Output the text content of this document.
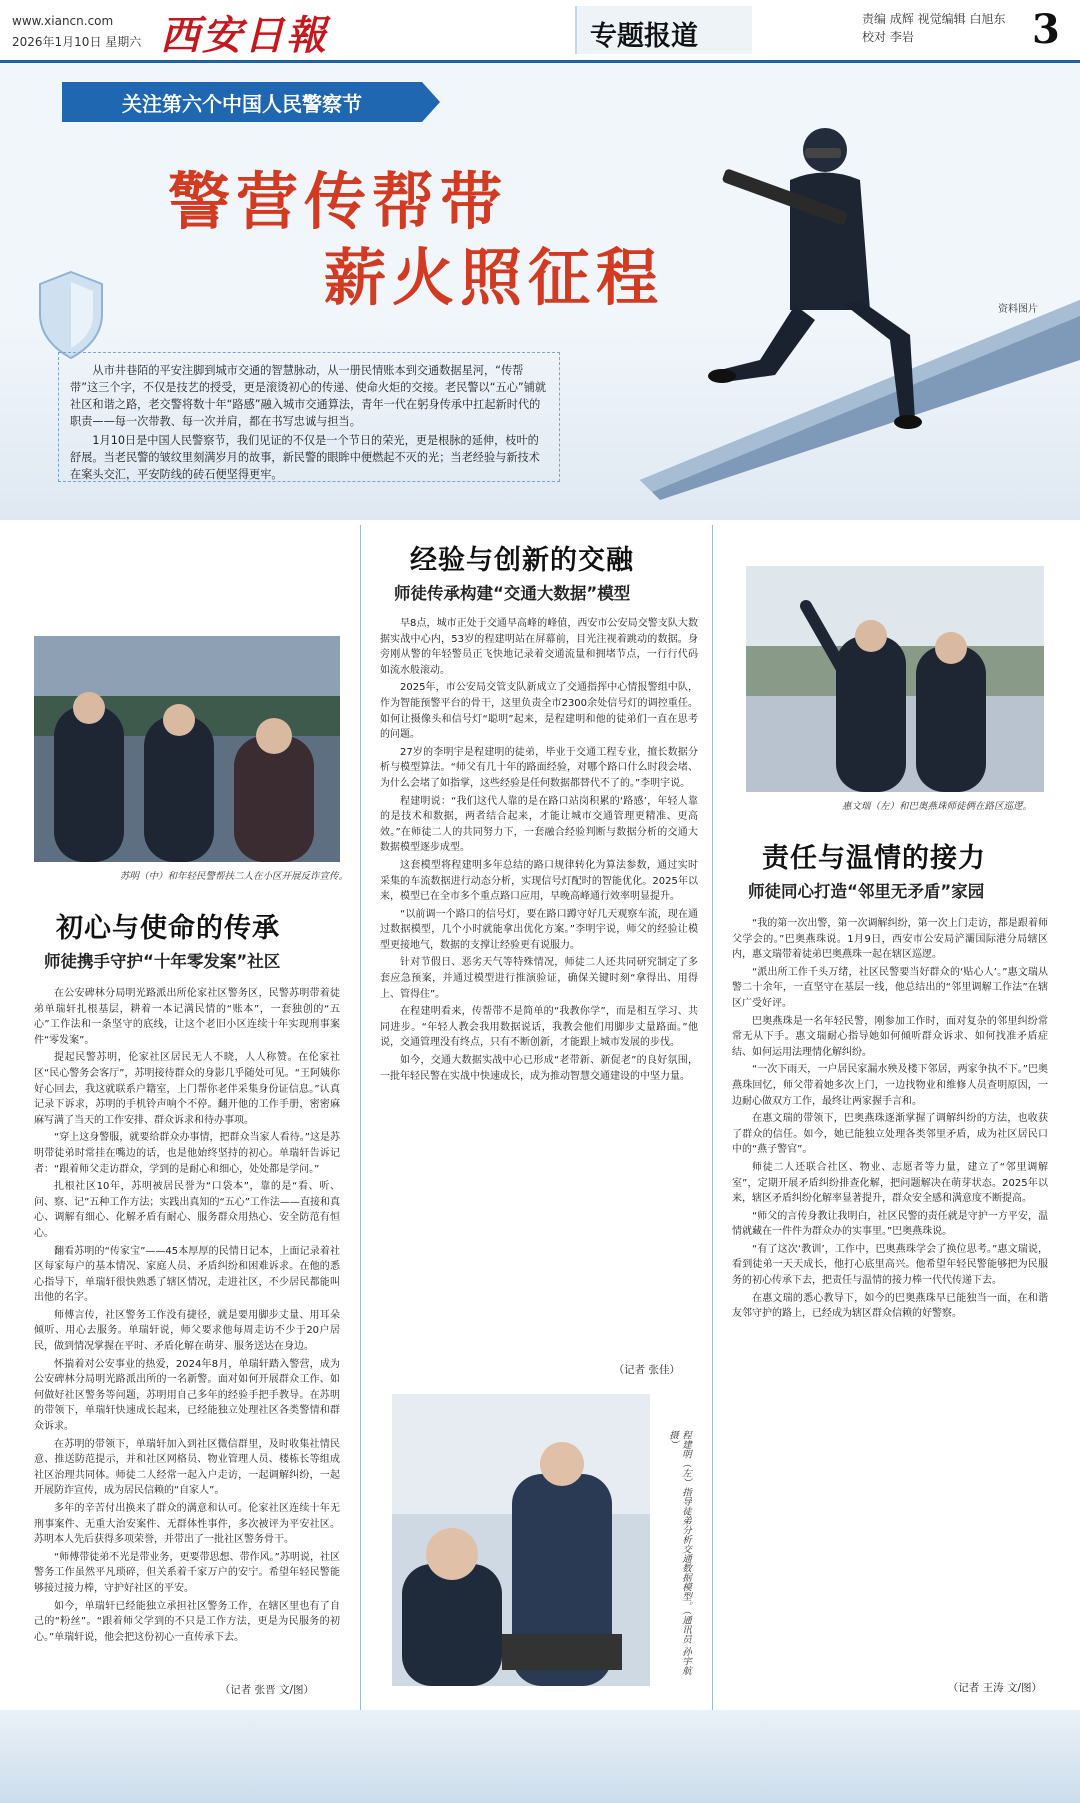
www.xiancn.com
2026年1月10日 星期六 西安日報	专题报道
责编 成辉 视觉编辑 白旭东
校对 李岩	3
关注第六个中国人民警察节
警营传帮带
薪火照征程

从市井巷陌的平安注脚到城市交通的智慧脉动，从一册民情账本到交通数据星河，“传帮带”这三个字，不仅是技艺的授受，更是滚烫初心的传递、使命火炬的交接。老民警以“五心”铺就社区和谐之路，老交警将数十年“路感”融入城市交通算法，青年一代在躬身传承中扛起新时代的职责——每一次带教、每一次并肩，都在书写忠诚与担当。

1月10日是中国人民警察节，我们见证的不仅是一个节日的荣光，更是根脉的延伸，枝叶的舒展。当老民警的皱纹里刻满岁月的故事，新民警的眼眸中便燃起不灭的光；当老经验与新技术在案头交汇，平安防线的砖石便坚得更牢。

资料图片
苏明（中）和年轻民警帮扶二人在小区开展反诈宣传。
初心与使命的传承
师徒携手守护“十年零发案”社区

在公安碑林分局明光路派出所伦家社区警务区，民警苏明带着徒弟单瑞轩扎根基层，耕着一本记满民情的“账本”，一套独创的“五心”工作法和一条坚守的底线，让这个老旧小区连续十年实现刑事案件“零发案”。

提起民警苏明，伦家社区居民无人不晓，人人称赞。在伦家社区“民心警务会客厅”，苏明接待群众的身影几乎随处可见。“王阿姨你好心回去，我这就联系户籍室，上门帮你老伴采集身份证信息。”认真记录下诉求，苏明的手机铃声响个不停。翻开他的工作手册，密密麻麻写满了当天的工作安排、群众诉求和待办事项。

“穿上这身警服，就要给群众办事情，把群众当家人看待。”这是苏明带徒弟时常挂在嘴边的话，也是他始终坚持的初心。单瑞轩告诉记者：“跟着师父走访群众，学到的是耐心和细心，处处都是学问。”

扎根社区10年，苏明被居民誉为“口袋本”，靠的是“看、听、问、察、记”五种工作方法；实践出真知的“五心”工作法——直接和真心、调解有细心、化解矛盾有耐心、服务群众用热心、安全防范有恒心。

翻看苏明的“传家宝”——45本厚厚的民情日记本，上面记录着社区每家每户的基本情况、家庭人员、矛盾纠纷和困难诉求。在他的悉心指导下，单瑞轩很快熟悉了辖区情况，走进社区，不少居民都能叫出他的名字。

师傅言传，社区警务工作没有捷径，就是要用脚步丈量、用耳朵倾听、用心去服务。单瑞轩说，师父要求他每周走访不少于20户居民，做到情况掌握在平时、矛盾化解在萌芽、服务送达在身边。

怀揣着对公安事业的热爱，2024年8月，单瑞轩踏入警营，成为公安碑林分局明光路派出所的一名新警。面对如何开展群众工作、如何做好社区警务等问题，苏明用自己多年的经验手把手教导。在苏明的带领下，单瑞轩快速成长起来，已经能独立处理社区各类警情和群众诉求。

在苏明的带领下，单瑞轩加入到社区微信群里，及时收集社情民意、推送防范提示，并和社区网格员、物业管理人员、楼栋长等组成社区治理共同体。师徒二人经常一起入户走访，一起调解纠纷，一起开展防诈宣传，成为居民信赖的“自家人”。

多年的辛苦付出换来了群众的满意和认可。伦家社区连续十年无刑事案件、无重大治安案件、无群体性事件，多次被评为平安社区。苏明本人先后获得多项荣誉，并带出了一批社区警务骨干。

“师傅带徒弟不光是带业务，更要带思想、带作风。”苏明说，社区警务工作虽然平凡琐碎，但关系着千家万户的安宁。希望年轻民警能够接过接力棒，守护好社区的平安。

如今，单瑞轩已经能独立承担社区警务工作，在辖区里也有了自己的“粉丝”。“跟着师父学到的不只是工作方法，更是为民服务的初心。”单瑞轩说，他会把这份初心一直传承下去。

（记者 张晋 文/图）
经验与创新的交融
师徒传承构建“交通大数据”模型

早8点，城市正处于交通早高峰的峰值，西安市公安局交警支队大数据实战中心内，53岁的程建明站在屏幕前，目光注视着跳动的数据。身旁刚从警的年轻警员正飞快地记录着交通流量和拥堵节点，一行行代码如流水般滚动。

2025年，市公安局交管支队新成立了交通指挥中心情报警组中队，作为智能预警平台的骨干，这里负责全市2300余处信号灯的调控重任。如何让摄像头和信号灯“聪明”起来，是程建明和他的徒弟们一直在思考的问题。

27岁的李明宇是程建明的徒弟，毕业于交通工程专业，擅长数据分析与模型算法。“师父有几十年的路面经验，对哪个路口什么时段会堵、为什么会堵了如指掌，这些经验是任何数据都替代不了的。”李明宇说。

程建明说：“我们这代人靠的是在路口站岗积累的‘路感’，年轻人靠的是技术和数据，两者结合起来，才能让城市交通管理更精准、更高效。”在师徒二人的共同努力下，一套融合经验判断与数据分析的交通大数据模型逐步成型。

这套模型将程建明多年总结的路口规律转化为算法参数，通过实时采集的车流数据进行动态分析，实现信号灯配时的智能优化。2025年以来，模型已在全市多个重点路口应用，早晚高峰通行效率明显提升。

“以前调一个路口的信号灯，要在路口蹲守好几天观察车流，现在通过数据模型，几个小时就能拿出优化方案。”李明宇说，师父的经验让模型更接地气，数据的支撑让经验更有说服力。

针对节假日、恶劣天气等特殊情况，师徒二人还共同研究制定了多套应急预案，并通过模型进行推演验证，确保关键时刻“拿得出、用得上、管得住”。

在程建明看来，传帮带不是简单的“我教你学”，而是相互学习、共同进步。“年轻人教会我用数据说话，我教会他们用脚步丈量路面。”他说，交通管理没有终点，只有不断创新，才能跟上城市发展的步伐。

如今，交通大数据实战中心已形成“老带新、新促老”的良好氛围，一批年轻民警在实战中快速成长，成为推动智慧交通建设的中坚力量。

（记者 张佳）
程建明（左）指导徒弟分析交通数据模型。（通讯员 孙宇航 摄）
惠文瑞（左）和巴奥燕珠师徒俩在路区巡逻。
责任与温情的接力
师徒同心打造“邻里无矛盾”家园

“我的第一次出警，第一次调解纠纷，第一次上门走访，都是跟着师父学会的。”巴奥燕珠说。1月9日，西安市公安局浐灞国际港分局辖区内，惠文瑞带着徒弟巴奥燕珠一起在辖区巡逻。

“派出所工作千头万绪，社区民警要当好群众的‘贴心人’。”惠文瑞从警二十余年，一直坚守在基层一线，他总结出的“邻里调解工作法”在辖区广受好评。

巴奥燕珠是一名年轻民警，刚参加工作时，面对复杂的邻里纠纷常常无从下手。惠文瑞耐心指导她如何倾听群众诉求、如何找准矛盾症结、如何运用法理情化解纠纷。

“一次下雨天，一户居民家漏水殃及楼下邻居，两家争执不下。”巴奥燕珠回忆，师父带着她多次上门，一边找物业和维修人员查明原因，一边耐心做双方工作，最终让两家握手言和。

在惠文瑞的带领下，巴奥燕珠逐渐掌握了调解纠纷的方法，也收获了群众的信任。如今，她已能独立处理各类邻里矛盾，成为社区居民口中的“燕子警官”。

师徒二人还联合社区、物业、志愿者等力量，建立了“邻里调解室”，定期开展矛盾纠纷排查化解，把问题解决在萌芽状态。2025年以来，辖区矛盾纠纷化解率显著提升，群众安全感和满意度不断提高。

“师父的言传身教让我明白，社区民警的责任就是守护一方平安，温情就藏在一件件为群众办的实事里。”巴奥燕珠说。

“有了这次‘教训’，工作中，巴奥燕珠学会了换位思考。”惠文瑞说，看到徒弟一天天成长，他打心底里高兴。他希望年轻民警能够把为民服务的初心传承下去，把责任与温情的接力棒一代代传递下去。

在惠文瑞的悉心教导下，如今的巴奥燕珠早已能独当一面，在和谐友邻守护的路上，已经成为辖区群众信赖的好警察。

（记者 王涛 文/图）
